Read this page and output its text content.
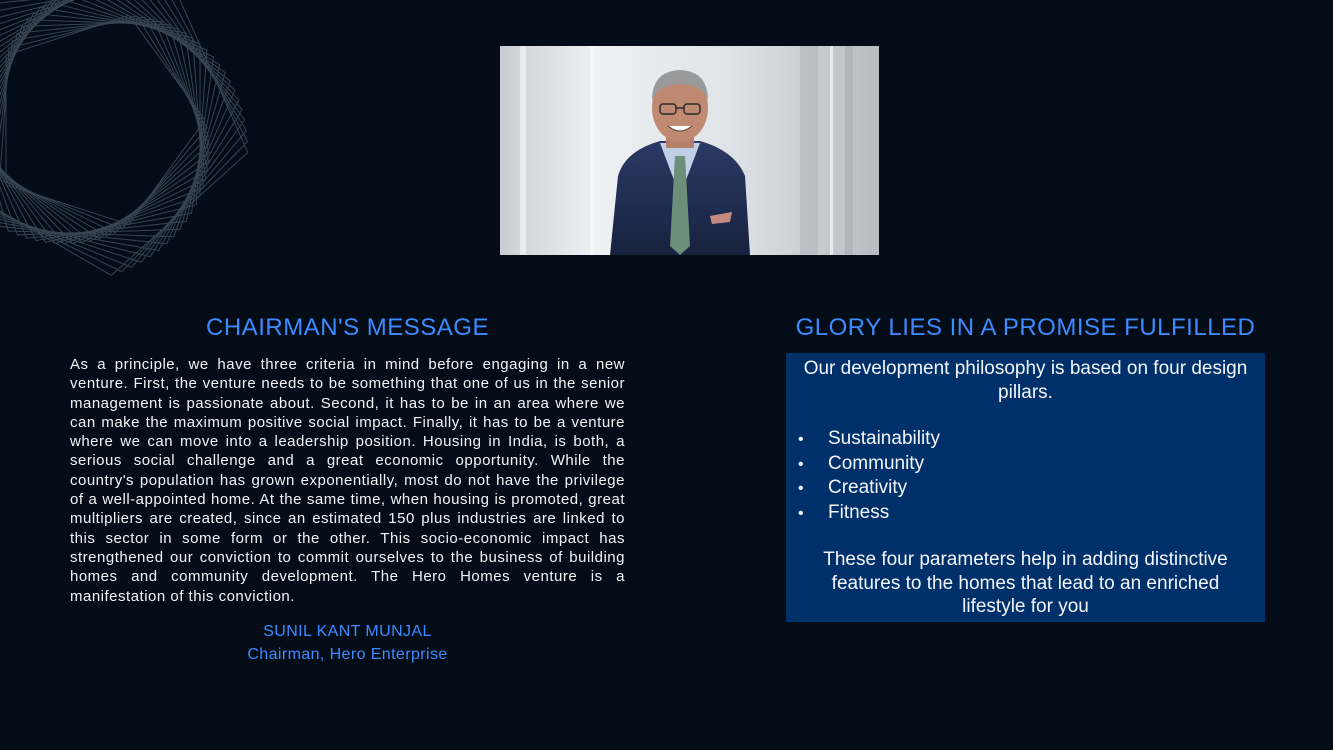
CHAIRMAN'S MESSAGE
As a principle, we have three criteria in mind before engaging in a new venture. First, the venture needs to be something that one of us in the senior management is passionate about. Second, it has to be in an area where we can make the maximum positive social impact. Finally, it has to be a venture where we can move into a leadership position. Housing in India, is both, a serious social challenge and a great economic opportunity. While the country's population has grown exponentially, most do not have the privilege of a well-appointed home. At the same time, when housing is promoted, great multipliers are created, since an estimated 150 plus industries are linked to this sector in some form or the other. This socio-economic impact has strengthened our conviction to commit ourselves to the business of building homes and community development. The Hero Homes venture is a manifestation of this conviction.
SUNIL KANT MUNJAL
Chairman, Hero Enterprise
GLORY LIES IN A PROMISE FULFILLED

Our development philosophy is based on four design pillars.

•	Sustainability
•	Community
•	Creativity
•	Fitness

These four parameters help in adding distinctive features to the homes that lead to an enriched lifestyle for you
